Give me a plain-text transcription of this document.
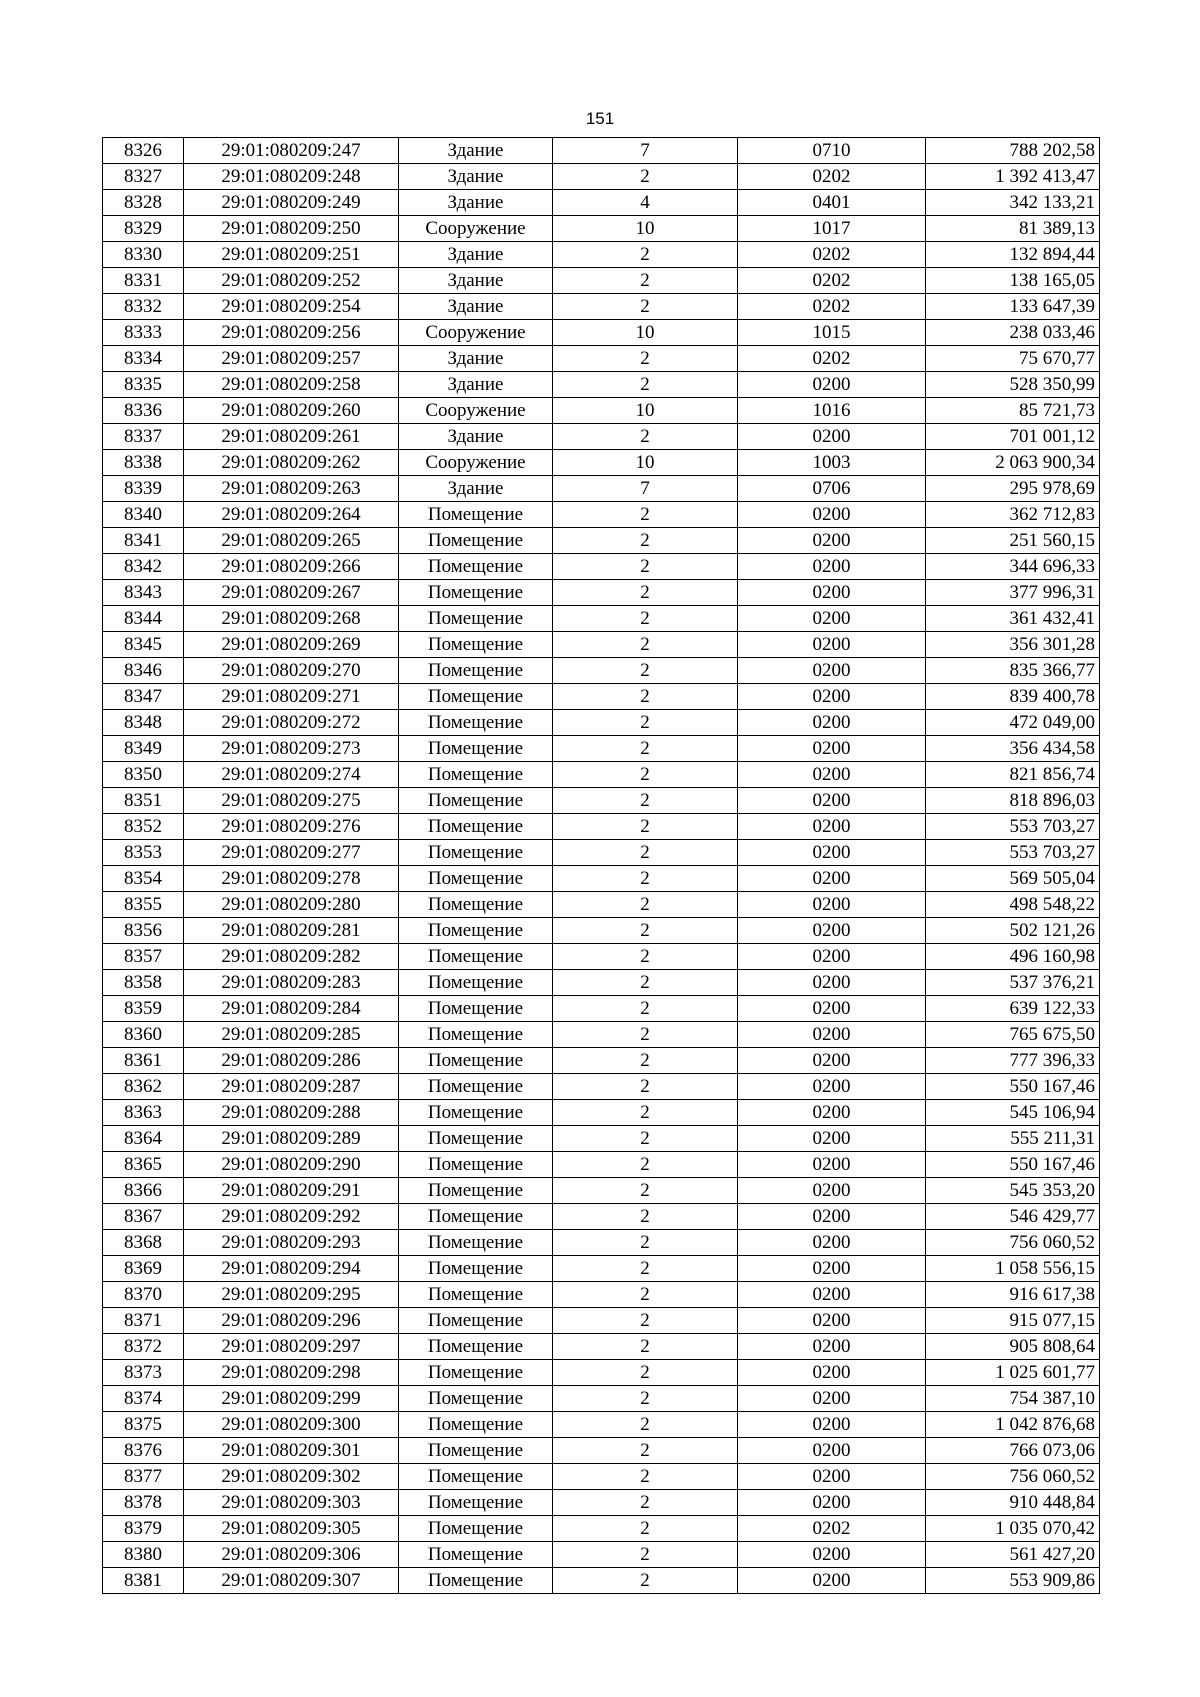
151
8326	29:01:080209:247	Здание	7	0710	788 202,58
8327	29:01:080209:248	Здание	2	0202	1 392 413,47
8328	29:01:080209:249	Здание	4	0401	342 133,21
8329	29:01:080209:250	Сооружение	10	1017	81 389,13
8330	29:01:080209:251	Здание	2	0202	132 894,44
8331	29:01:080209:252	Здание	2	0202	138 165,05
8332	29:01:080209:254	Здание	2	0202	133 647,39
8333	29:01:080209:256	Сооружение	10	1015	238 033,46
8334	29:01:080209:257	Здание	2	0202	75 670,77
8335	29:01:080209:258	Здание	2	0200	528 350,99
8336	29:01:080209:260	Сооружение	10	1016	85 721,73
8337	29:01:080209:261	Здание	2	0200	701 001,12
8338	29:01:080209:262	Сооружение	10	1003	2 063 900,34
8339	29:01:080209:263	Здание	7	0706	295 978,69
8340	29:01:080209:264	Помещение	2	0200	362 712,83
8341	29:01:080209:265	Помещение	2	0200	251 560,15
8342	29:01:080209:266	Помещение	2	0200	344 696,33
8343	29:01:080209:267	Помещение	2	0200	377 996,31
8344	29:01:080209:268	Помещение	2	0200	361 432,41
8345	29:01:080209:269	Помещение	2	0200	356 301,28
8346	29:01:080209:270	Помещение	2	0200	835 366,77
8347	29:01:080209:271	Помещение	2	0200	839 400,78
8348	29:01:080209:272	Помещение	2	0200	472 049,00
8349	29:01:080209:273	Помещение	2	0200	356 434,58
8350	29:01:080209:274	Помещение	2	0200	821 856,74
8351	29:01:080209:275	Помещение	2	0200	818 896,03
8352	29:01:080209:276	Помещение	2	0200	553 703,27
8353	29:01:080209:277	Помещение	2	0200	553 703,27
8354	29:01:080209:278	Помещение	2	0200	569 505,04
8355	29:01:080209:280	Помещение	2	0200	498 548,22
8356	29:01:080209:281	Помещение	2	0200	502 121,26
8357	29:01:080209:282	Помещение	2	0200	496 160,98
8358	29:01:080209:283	Помещение	2	0200	537 376,21
8359	29:01:080209:284	Помещение	2	0200	639 122,33
8360	29:01:080209:285	Помещение	2	0200	765 675,50
8361	29:01:080209:286	Помещение	2	0200	777 396,33
8362	29:01:080209:287	Помещение	2	0200	550 167,46
8363	29:01:080209:288	Помещение	2	0200	545 106,94
8364	29:01:080209:289	Помещение	2	0200	555 211,31
8365	29:01:080209:290	Помещение	2	0200	550 167,46
8366	29:01:080209:291	Помещение	2	0200	545 353,20
8367	29:01:080209:292	Помещение	2	0200	546 429,77
8368	29:01:080209:293	Помещение	2	0200	756 060,52
8369	29:01:080209:294	Помещение	2	0200	1 058 556,15
8370	29:01:080209:295	Помещение	2	0200	916 617,38
8371	29:01:080209:296	Помещение	2	0200	915 077,15
8372	29:01:080209:297	Помещение	2	0200	905 808,64
8373	29:01:080209:298	Помещение	2	0200	1 025 601,77
8374	29:01:080209:299	Помещение	2	0200	754 387,10
8375	29:01:080209:300	Помещение	2	0200	1 042 876,68
8376	29:01:080209:301	Помещение	2	0200	766 073,06
8377	29:01:080209:302	Помещение	2	0200	756 060,52
8378	29:01:080209:303	Помещение	2	0200	910 448,84
8379	29:01:080209:305	Помещение	2	0202	1 035 070,42
8380	29:01:080209:306	Помещение	2	0200	561 427,20
8381	29:01:080209:307	Помещение	2	0200	553 909,86
